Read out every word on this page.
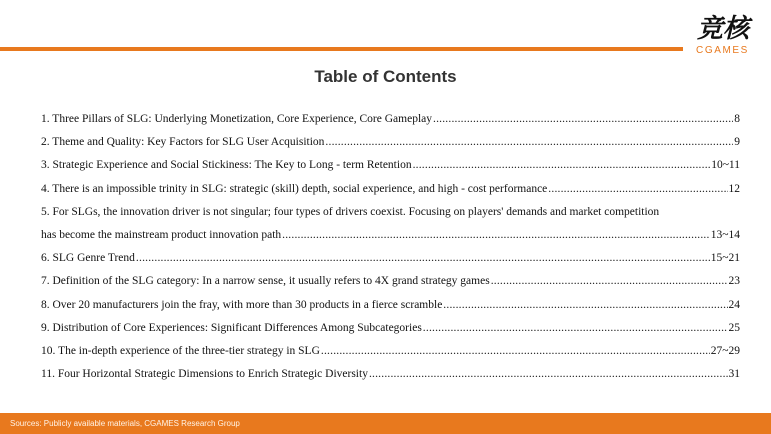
竞核
CGAMES
Table of Contents
1. Three Pillars of SLG: Underlying Monetization, Core Experience, Core Gameplay .....	8
2. Theme and Quality: Key Factors for SLG User Acquisition .....	9
3. Strategic Experience and Social Stickiness: The Key to Long - term Retention .....	10~11
4. There is an impossible trinity in SLG: strategic (skill) depth, social experience, and high - cost performance .....	12
5. For SLGs, the innovation driver is not singular; four types of drivers coexist. Focusing on players' demands and market competition
has become the mainstream product innovation path .....	13~14
6. SLG Genre Trend .....	15~21
7. Definition of the SLG category: In a narrow sense, it usually refers to 4X grand strategy games .....	23
8. Over 20 manufacturers join the fray, with more than 30 products in a fierce scramble .....	24
9. Distribution of Core Experiences: Significant Differences Among Subcategories .....	25
10. The in-depth experience of the three-tier strategy in SLG .....	27~29
11. Four Horizontal Strategic Dimensions to Enrich Strategic Diversity .....	31
Sources: Publicly available materials, CGAMES Research Group
